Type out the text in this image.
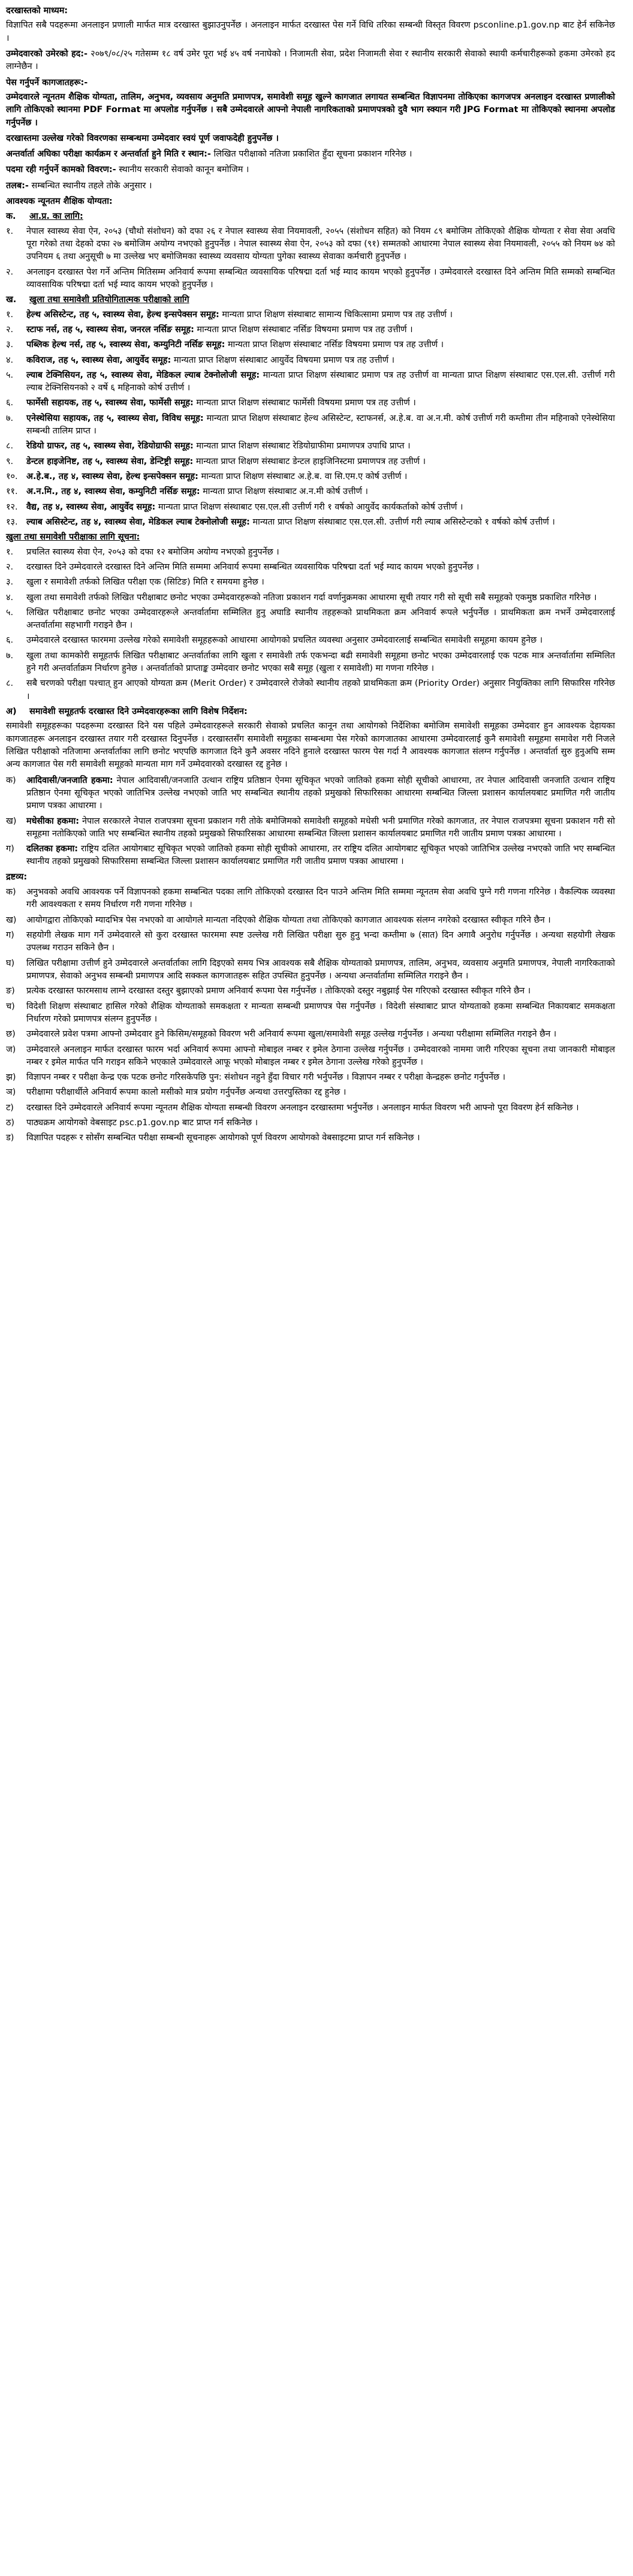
दरखास्तको माध्यम:
विज्ञापित सबै पदहरूमा अनलाइन प्रणाली मार्फत मात्र दरखास्त बुझाउनुपर्नेछ । अनलाइन मार्फत दरखास्त पेस गर्ने विधि तरिका सम्बन्धी विस्तृत विवरण psconline.p1.gov.np बाट हेर्न सकिनेछ ।
उम्मेदवारको उमेरको हद:- २०७९/०८/२५ गतेसम्म १८ वर्ष उमेर पूरा भई ४५ वर्ष ननाघेको । निजामती सेवा, प्रदेश निजामती सेवा र स्थानीय सरकारी सेवाको स्थायी कर्मचारीहरूको हकमा उमेरको हद लाग्नेछैन ।
पेस गर्नुपर्ने कागजातहरू:-
उम्मेदवारले न्यूनतम शैक्षिक योग्यता, तालिम, अनुभव, व्यवसाय अनुमति प्रमाणपत्र, समावेशी समूह खुल्ने कागजात लगायत सम्बन्धित विज्ञापनमा तोकिएका कागजपत्र अनलाइन दरखास्त प्रणालीको लागि तोकिएको स्थानमा PDF Format मा अपलोड गर्नुपर्नेछ । सबै उम्मेदवारले आफ्नो नेपाली नागरिकताको प्रमाणपत्रको दुवै भाग स्क्यान गरी JPG Format मा तोकिएको स्थानमा अपलोड गर्नुपर्नेछ ।
दरखास्तमा उल्लेख गरेको विवरणका सम्बन्धमा उम्मेदवार स्वयं पूर्ण जवाफदेही हुनुपर्नेछ ।
अन्तर्वार्ता अघिका परीक्षा कार्यक्रम र अन्तर्वार्ता हुने मिति र स्थान:- लिखित परीक्षाको नतिजा प्रकाशित हुँदा सूचना प्रकाशन गरिनेछ ।
पदमा रही गर्नुपर्ने कामको विवरण:- स्थानीय सरकारी सेवाको कानून बमोजिम ।
तलब:- सम्बन्धित स्थानीय तहले तोके अनुसार ।
आवश्यक न्यूनतम शैक्षिक योग्यता:
क. आ.प्र. का लागि:
१.	नेपाल स्वास्थ्य सेवा ऐन, २०५३ (चौथो संशोधन) को दफा २६ र नेपाल स्वास्थ्य सेवा नियमावली, २०५५ (संशोधन सहित) को नियम ८९ बमोजिम तोकिएको शैक्षिक योग्यता र सेवा सेवा अवधि पूरा गरेको तथा देहको दफा २७ बमोजिम अयोग्य नभएको हुनुपर्नेछ । नेपाल स्वास्थ्य सेवा ऐन, २०५३ को दफा (९१) सम्मतको आधारमा नेपाल स्वास्थ्य सेवा नियमावली, २०५५ को नियम ७४ को उपनियम ६ तथा अनुसूची ७ मा उल्लेख भए बमोजिमका स्वास्थ्य व्यवसाय योग्यता पुगेका स्वास्थ्य सेवाका कर्मचारी हुनुपर्नेछ ।
२.	अनलाइन दरखास्त पेश गर्ने अन्तिम मितिसम्म अनिवार्य रूपमा सम्बन्धित व्यवसायिक परिषद्मा दर्ता भई म्याद कायम भएको हुनुपर्नेछ । उम्मेदवारले दरखास्त दिने अन्तिम मिति सम्मको सम्बन्धित व्यावसायिक परिषद्मा दर्ता भई म्याद कायम भएको हुनुपर्नेछ ।
ख. खुला तथा समावेशी प्रतियोगितात्मक परीक्षाको लागि
१.	हेल्थ असिस्टेन्ट, तह ५, स्वास्थ्य सेवा, हेल्थ इन्सपेक्सन समूह: मान्यता प्राप्त शिक्षण संस्थाबाट सामान्य चिकित्सामा प्रमाण पत्र तह उत्तीर्ण ।
२.	स्टाफ नर्स, तह ५, स्वास्थ्य सेवा, जनरल नर्सिङ समूह: मान्यता प्राप्त शिक्षण संस्थाबाट नर्सिङ विषयमा प्रमाण पत्र तह उत्तीर्ण ।
३.	पब्लिक हेल्थ नर्स, तह ५, स्वास्थ्य सेवा, कम्युनिटी नर्सिङ समूह: मान्यता प्राप्त शिक्षण संस्थाबाट नर्सिङ विषयमा प्रमाण पत्र तह उत्तीर्ण ।
४.	कविराज, तह ५, स्वास्थ्य सेवा, आयुर्वेद समूह: मान्यता प्राप्त शिक्षण संस्थाबाट आयुर्वेद विषयमा प्रमाण पत्र तह उत्तीर्ण ।
५.	ल्याब टेक्निसियन, तह ५, स्वास्थ्य सेवा, मेडिकल ल्याब टेक्नोलोजी समूह: मान्यता प्राप्त शिक्षण संस्थाबाट प्रमाण पत्र तह उत्तीर्ण वा मान्यता प्राप्त शिक्षण संस्थाबाट एस.एल.सी. उत्तीर्ण गरी ल्याब टेक्निसियनको २ वर्षे ६ महिनाको कोर्ष उत्तीर्ण ।
६.	फार्मेसी सहायक, तह ५, स्वास्थ्य सेवा, फार्मेसी समूह: मान्यता प्राप्त शिक्षण संस्थाबाट फार्मेसी विषयमा प्रमाण पत्र तह उत्तीर्ण ।
७.	एनेस्थेसिया सहायक, तह ५, स्वास्थ्य सेवा, विविध समूह: मान्यता प्राप्त शिक्षण संस्थाबाट हेल्थ असिस्टेन्ट, स्टाफनर्स, अ.हे.ब. वा अ.न.मी. कोर्ष उत्तीर्ण गरी कम्तीमा तीन महिनाको एनेस्थेसिया सम्बन्धी तालिम प्राप्त ।
८.	रेडियो ग्राफर, तह ५, स्वास्थ्य सेवा, रेडियोग्राफी समूह: मान्यता प्राप्त शिक्षण संस्थाबाट रेडियोग्राफीमा प्रमाणपत्र उपाधि प्राप्त ।
९.	डेन्टल हाइजेनिष्ट, तह ५, स्वास्थ्य सेवा, डेन्टिष्ट्री समूह: मान्यता प्राप्त शिक्षण संस्थाबाट डेन्टल हाइजिनिस्टमा प्रमाणपत्र तह उत्तीर्ण ।
१०.	अ.हे.ब., तह ४, स्वास्थ्य सेवा, हेल्थ इन्सपेक्सन समूह: मान्यता प्राप्त शिक्षण संस्थाबाट अ.हे.ब. वा सि.एम.ए कोर्ष उत्तीर्ण ।
११.	अ.न.मि., तह ४, स्वास्थ्य सेवा, कम्युनिटी नर्सिङ समूह: मान्यता प्राप्त शिक्षण संस्थाबाट अ.न.मी कोर्ष उत्तीर्ण ।
१२.	वैद्य, तह ४, स्वास्थ्य सेवा, आयुर्वेद समूह: मान्यता प्राप्त शिक्षण संस्थाबाट एस.एल.सी उत्तीर्ण गरी १ वर्षको आयुर्वेद कार्यकर्ताको कोर्ष उत्तीर्ण ।
१३.	ल्याब असिस्टेन्ट, तह ४, स्वास्थ्य सेवा, मेडिकल ल्याब टेक्नोलोजी समूह: मान्यता प्राप्त शिक्षण संस्थाबाट एस.एल.सी. उत्तीर्ण गरी ल्याब असिस्टेन्टको १ वर्षको कोर्ष उत्तीर्ण ।
खुला तथा समावेशी परीक्षाका लागि सूचना:
१.	प्रचलित स्वास्थ्य सेवा ऐन, २०५३ को दफा १२ बमोजिम अयोग्य नभएको हुनुपर्नेछ ।
२.	दरखास्त दिने उम्मेदवारले दरखास्त दिने अन्तिम मिति सम्ममा अनिवार्य रूपमा सम्बन्धित व्यवसायिक परिषद्मा दर्ता भई म्याद कायम भएको हुनुपर्नेछ ।
३.	खुला र समावेशी तर्फको लिखित परीक्षा एक (सिटिङ) मिति र समयमा हुनेछ ।
४.	खुला तथा समावेशी तर्फको लिखित परीक्षाबाट छनोट भएका उम्मेदवारहरूको नतिजा प्रकाशन गर्दा वर्णानुक्रमका आधारमा सूची तयार गरी सो सूची सबै समूहको एकमुष्ठ प्रकाशित गरिनेछ ।
५.	लिखित परीक्षाबाट छनोट भएका उम्मेदवारहरूले अन्तर्वार्तामा सम्मिलित हुनु अघाडि स्थानीय तहहरूको प्राथमिकता क्रम अनिवार्य रूपले भर्नुपर्नेछ । प्राथमिकता क्रम नभर्ने उम्मेदवारलाई अन्तर्वार्तामा सहभागी गराइने छैन ।
६.	उम्मेदवारले दरखास्त फारममा उल्लेख गरेको समावेशी समूहहरूको आधारमा आयोगको प्रचलित व्यवस्था अनुसार उम्मेदवारलाई सम्बन्धित समावेशी समूहमा कायम हुनेछ ।
७.	खुला तथा कामकोरी समूहतर्फ लिखित परीक्षाबाट अन्तर्वार्ताका लागि खुला र समावेशी तर्फ एकभन्दा बढी समावेशी समूहमा छनोट भएका उम्मेदवारलाई एक पटक मात्र अन्तर्वार्तामा सम्मिलित हुने गरी अन्तर्वार्ताक्रम निर्धारण हुनेछ । अन्तर्वार्ताको प्राप्ताङ्क उम्मेदवार छनोट भएका सबै समूह (खुला र समावेशी) मा गणना गरिनेछ ।
८.	सबै चरणको परीक्षा पश्चात् हुन आएको योग्यता क्रम (Merit Order) र उम्मेदवारले रोजेको स्थानीय तहको प्राथमिकता क्रम (Priority Order) अनुसार नियुक्तिका लागि सिफारिस गरिनेछ ।
अ) समावेशी समूहतर्फ दरखास्त दिने उम्मेदवारहरूका लागि विशेष निर्देशन:
समावेशी समूहहरूका पदहरूमा दरखास्त दिने यस पहिले उम्मेदवारहरूले सरकारी सेवाको प्रचलित कानून तथा आयोगको निर्देशिका बमोजिम समावेशी समूहका उम्मेदवार हुन आवश्यक देहायका कागजातहरू अनलाइन दरखास्त तयार गरी दरखास्त दिनुपर्नेछ । दरखास्तसँग समावेशी समूहका सम्बन्धमा पेस गरेको कागजातका आधारमा उम्मेदवारलाई कुनै समावेशी समूहमा समावेश गरी निजले लिखित परीक्षाको नतिजामा अन्तर्वार्ताका लागि छनोट भएपछि कागजात दिने कुनै अवसर नदिने हुनाले दरखास्त फारम पेस गर्दा नै आवश्यक कागजात संलग्न गर्नुपर्नेछ । अन्तर्वार्ता सुरु हुनुअघि सम्म अन्य कागजात पेस गरी समावेशी समूहको मान्यता माग गर्ने उम्मेदवारको दरखास्त रद्द हुनेछ ।
क)	आदिवासी/जनजाति हकमा: नेपाल आदिवासी/जनजाति उत्थान राष्ट्रिय प्रतिष्ठान ऐनमा सूचिकृत भएको जातिको हकमा सोही सूचीको आधारमा, तर नेपाल आदिवासी जनजाति उत्थान राष्ट्रिय प्रतिष्ठान ऐनमा सूचिकृत भएको जातिभित्र उल्लेख नभएको जाति भए सम्बन्धित स्थानीय तहको प्रमुखको सिफारिसका आधारमा सम्बन्धित जिल्ला प्रशासन कार्यालयबाट प्रमाणित गरी जातीय प्रमाण पत्रका आधारमा ।
ख)	मधेसीका हकमा: नेपाल सरकारले नेपाल राजपत्रमा सूचना प्रकाशन गरी तोके बमोजिमको समावेशी समूहको मधेसी भनी प्रमाणित गरेको कागजात, तर नेपाल राजपत्रमा सूचना प्रकाशन गरी सो समूहमा नतोकिएको जाति भए सम्बन्धित स्थानीय तहको प्रमुखको सिफारिसका आधारमा सम्बन्धित जिल्ला प्रशासन कार्यालयबाट प्रमाणित गरी जातीय प्रमाण पत्रका आधारमा ।
ग)	दलितका हकमा: राष्ट्रिय दलित आयोगबाट सूचिकृत भएको जातिको हकमा सोही सूचीको आधारमा, तर राष्ट्रिय दलित आयोगबाट सूचिकृत भएको जातिभित्र उल्लेख नभएको जाति भए सम्बन्धित स्थानीय तहको प्रमुखको सिफारिसमा सम्बन्धित जिल्ला प्रशासन कार्यालयबाट प्रमाणित गरी जातीय प्रमाण पत्रका आधारमा ।
द्रष्टव्य:
क)	अनुभवको अवधि आवश्यक पर्ने विज्ञापनको हकमा सम्बन्धित पदका लागि तोकिएको दरखास्त दिन पाउने अन्तिम मिति सम्ममा न्यूनतम सेवा अवधि पुग्ने गरी गणना गरिनेछ । वैकल्पिक व्यवस्था गरी आवश्यकता र समय निर्धारण गरी गणना गरिनेछ ।
ख)	आयोगद्वारा तोकिएको म्यादभित्र पेस नभएको वा आयोगले मान्यता नदिएको शैक्षिक योग्यता तथा तोकिएको कागजात आवश्यक संलग्न नगरेको दरखास्त स्वीकृत गरिने छैन ।
ग)	सहयोगी लेखक माग गर्ने उम्मेदवारले सो कुरा दरखास्त फारममा स्पष्ट उल्लेख गरी लिखित परीक्षा सुरु हुनु भन्दा कम्तीमा ७ (सात) दिन अगावै अनुरोध गर्नुपर्नेछ । अन्यथा सहयोगी लेखक उपलब्ध गराउन सकिने छैन ।
घ)	लिखित परीक्षामा उत्तीर्ण हुने उम्मेदवारले अन्तर्वार्ताका लागि दिइएको समय भित्र आवश्यक सबै शैक्षिक योग्यताको प्रमाणपत्र, तालिम, अनुभव, व्यवसाय अनुमति प्रमाणपत्र, नेपाली नागरिकताको प्रमाणपत्र, सेवाको अनुभव सम्बन्धी प्रमाणपत्र आदि सक्कल कागजातहरू सहित उपस्थित हुनुपर्नेछ । अन्यथा अन्तर्वार्तामा सम्मिलित गराइने छैन ।
ङ)	प्रत्येक दरखास्त फारमसाथ लाग्ने दरखास्त दस्तुर बुझाएको प्रमाण अनिवार्य रूपमा पेस गर्नुपर्नेछ । तोकिएको दस्तुर नबुझाई पेस गरिएको दरखास्त स्वीकृत गरिने छैन ।
च)	विदेशी शिक्षण संस्थाबाट हासिल गरेको शैक्षिक योग्यताको समकक्षता र मान्यता सम्बन्धी प्रमाणपत्र पेस गर्नुपर्नेछ । विदेशी संस्थाबाट प्राप्त योग्यताको हकमा सम्बन्धित निकायबाट समकक्षता निर्धारण गरेको प्रमाणपत्र संलग्न हुनुपर्नेछ ।
छ)	उम्मेदवारले प्रवेश पत्रमा आफ्नो उम्मेदवार हुने किसिम/समूहको विवरण भरी अनिवार्य रूपमा खुला/समावेशी समूह उल्लेख गर्नुपर्नेछ । अन्यथा परीक्षामा सम्मिलित गराइने छैन ।
ज)	उम्मेदवारले अनलाइन मार्फत दरखास्त फारम भर्दा अनिवार्य रूपमा आफ्नो मोबाइल नम्बर र इमेल ठेगाना उल्लेख गर्नुपर्नेछ । उम्मेदवारको नाममा जारी गरिएका सूचना तथा जानकारी मोबाइल नम्बर र इमेल मार्फत पनि गराइन सकिने भएकाले उम्मेदवारले आफू भएको मोबाइल नम्बर र इमेल ठेगाना उल्लेख गरेको हुनुपर्नेछ ।
झ)	विज्ञापन नम्बर र परीक्षा केन्द्र एक पटक छनोट गरिसकेपछि पुन: संशोधन नहुने हुँदा विचार गरी भर्नुपर्नेछ । विज्ञापन नम्बर र परीक्षा केन्द्रहरू छनोट गर्नुपर्नेछ ।
ञ)	परीक्षामा परीक्षार्थीले अनिवार्य रूपमा कालो मसीको मात्र प्रयोग गर्नुपर्नेछ अन्यथा उत्तरपुस्तिका रद्द हुनेछ ।
ट)	दरखास्त दिने उम्मेदवारले अनिवार्य रूपमा न्यूनतम शैक्षिक योग्यता सम्बन्धी विवरण अनलाइन दरखास्तमा भर्नुपर्नेछ । अनलाइन मार्फत विवरण भरी आफ्नो पूरा विवरण हेर्न सकिनेछ ।
ठ)	पाठ्यक्रम आयोगको वेबसाइट psc.p1.gov.np बाट प्राप्त गर्न सकिनेछ ।
ड)	विज्ञापित पदहरू र सोसँग सम्बन्धित परीक्षा सम्बन्धी सूचनाहरू आयोगको पूर्ण विवरण आयोगको वेबसाइटमा प्राप्त गर्न सकिनेछ ।
